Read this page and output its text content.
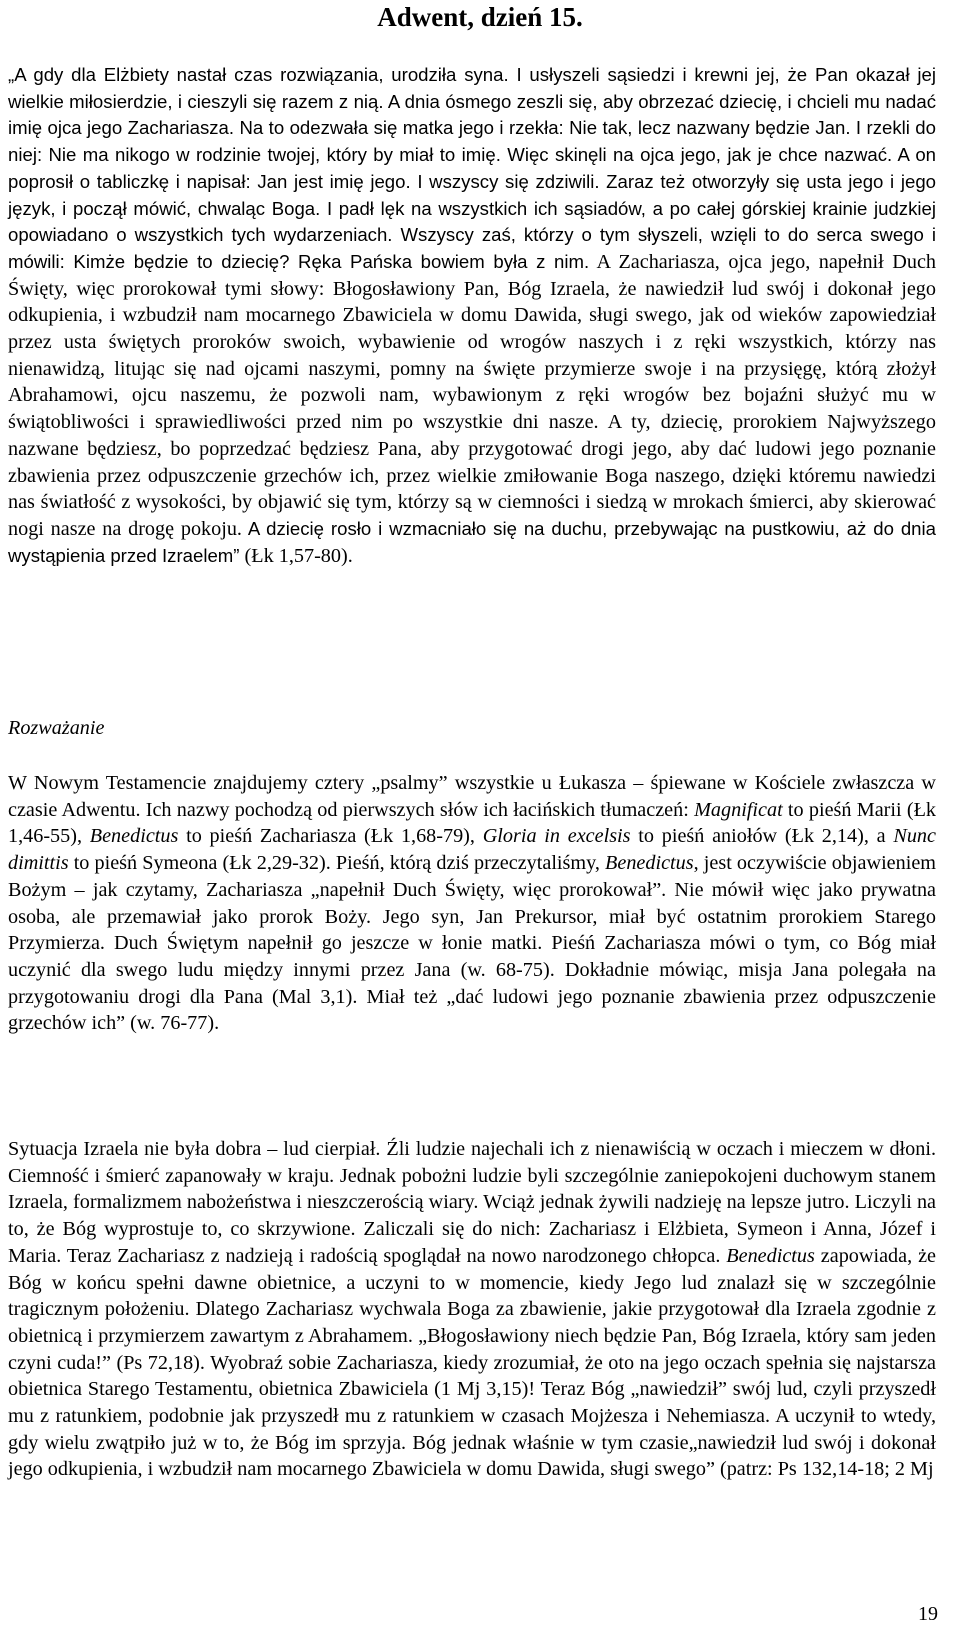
Adwent, dzień 15.
„A gdy dla Elżbiety nastał czas rozwiązania, urodziła syna. I usłyszeli sąsiedzi i krewni jej, że Pan okazał jej wielkie miłosierdzie, i cieszyli się razem z nią. A dnia ósmego zeszli się, aby obrzezać dziecię, i chcieli mu nadać imię ojca jego Zachariasza. Na to odezwała się matka jego i rzekła: Nie tak, lecz nazwany będzie Jan. I rzekli do niej: Nie ma nikogo w rodzinie twojej, który by miał to imię. Więc skinęli na ojca jego, jak je chce nazwać. A on poprosił o tabliczkę i napisał: Jan jest imię jego. I wszyscy się zdziwili. Zaraz też otworzyły się usta jego i jego język, i począł mówić, chwaląc Boga. I padł lęk na wszystkich ich sąsiadów, a po całej górskiej krainie judzkiej opowiadano o wszystkich tych wydarzeniach. Wszyscy zaś, którzy o tym słyszeli, wzięli to do serca swego i mówili: Kimże będzie to dziecię? Ręka Pańska bowiem była z nim. A Zachariasza, ojca jego, napełnił Duch Święty, więc prorokował tymi słowy: Błogosławiony Pan, Bóg Izraela, że nawiedził lud swój i dokonał jego odkupienia, i wzbudził nam mocarnego Zbawiciela w domu Dawida, sługi swego, jak od wieków zapowiedział przez usta świętych proroków swoich, wybawienie od wrogów naszych i z ręki wszystkich, którzy nas nienawidzą, litując się nad ojcami naszymi, pomny na święte przymierze swoje i na przysięgę, którą złożył Abrahamowi, ojcu naszemu, że pozwoli nam, wybawionym z ręki wrogów bez bojaźni służyć mu w świątobliwości i sprawiedliwości przed nim po wszystkie dni nasze. A ty, dziecię, prorokiem Najwyższego nazwane będziesz, bo poprzedzać będziesz Pana, aby przygotować drogi jego, aby dać ludowi jego poznanie zbawienia przez odpuszczenie grzechów ich, przez wielkie zmiłowanie Boga naszego, dzięki któremu nawiedzi nas światłość z wysokości, by objawić się tym, którzy są w ciemności i siedzą w mrokach śmierci, aby skierować nogi nasze na drogę pokoju. A dziecię rosło i wzmacniało się na duchu, przebywając na pustkowiu, aż do dnia wystąpienia przed Izraelem” (Łk 1,57-80).
Rozważanie
W Nowym Testamencie znajdujemy cztery „psalmy” wszystkie u Łukasza – śpiewane w Kościele zwłaszcza w czasie Adwentu. Ich nazwy pochodzą od pierwszych słów ich łacińskich tłumaczeń: Magnificat to pieśń Marii (Łk 1,46-55), Benedictus to pieśń Zachariasza (Łk 1,68-79), Gloria in excelsis to pieśń aniołów (Łk 2,14), a Nunc dimittis to pieśń Symeona (Łk 2,29-32). Pieśń, którą dziś przeczytaliśmy, Benedictus, jest oczywiście objawieniem Bożym – jak czytamy, Zachariasza „napełnił Duch Święty, więc prorokował”. Nie mówił więc jako prywatna osoba, ale przemawiał jako prorok Boży. Jego syn, Jan Prekursor, miał być ostatnim prorokiem Starego Przymierza. Duch Świętym napełnił go jeszcze w łonie matki. Pieśń Zachariasza mówi o tym, co Bóg miał uczynić dla swego ludu między innymi przez Jana (w. 68-75). Dokładnie mówiąc, misja Jana polegała na przygotowaniu drogi dla Pana (Mal 3,1). Miał też „dać ludowi jego poznanie zbawienia przez odpuszczenie grzechów ich” (w. 76-77).
Sytuacja Izraela nie była dobra – lud cierpiał. Źli ludzie najechali ich z nienawiścią w oczach i mieczem w dłoni. Ciemność i śmierć zapanowały w kraju. Jednak pobożni ludzie byli szczególnie zaniepokojeni duchowym stanem Izraela, formalizmem nabożeństwa i nieszczerością wiary. Wciąż jednak żywili nadzieję na lepsze jutro. Liczyli na to, że Bóg wyprostuje to, co skrzywione. Zaliczali się do nich: Zachariasz i Elżbieta, Symeon i Anna, Józef i Maria. Teraz Zachariasz z nadzieją i radością spoglądał na nowo narodzonego chłopca. Benedictus zapowiada, że Bóg w końcu spełni dawne obietnice, a uczyni to w momencie, kiedy Jego lud znalazł się w szczególnie tragicznym położeniu. Dlatego Zachariasz wychwala Boga za zbawienie, jakie przygotował dla Izraela zgodnie z obietnicą i przymierzem zawartym z Abrahamem. „Błogosławiony niech będzie Pan, Bóg Izraela, który sam jeden czyni cuda!” (Ps 72,18). Wyobraź sobie Zachariasza, kiedy zrozumiał, że oto na jego oczach spełnia się najstarsza obietnica Starego Testamentu, obietnica Zbawiciela (1 Mj 3,15)! Teraz Bóg „nawiedził” swój lud, czyli przyszedł mu z ratunkiem, podobnie jak przyszedł mu z ratunkiem w czasach Mojżesza i Nehemiasza. A uczynił to wtedy, gdy wielu zwątpiło już w to, że Bóg im sprzyja. Bóg jednak właśnie w tym czasie„nawiedził lud swój i dokonał jego odkupienia, i wzbudził nam mocarnego Zbawiciela w domu Dawida, sługi swego” (patrz: Ps 132,14-18; 2 Mj
19
